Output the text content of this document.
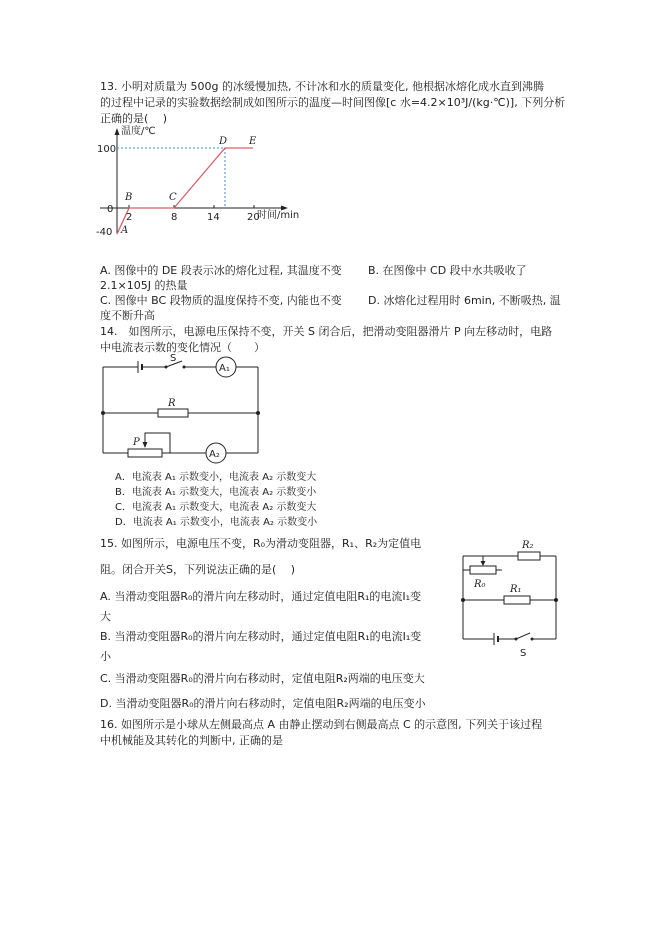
13. 小明对质量为 500g 的冰缓慢加热, 不计冰和水的质量变化, 他根据冰熔化成水直到沸腾
的过程中记录的实验数据绘制成如图所示的温度—时间图像[c 水=4.2×10³J/(kg·℃)], 下列分析
正确的是(　 )
温度/℃
时间/min
100
0
-40
2	8	14	20
A
B	C
D E
A. 图像中的 DE 段表示冰的熔化过程, 其温度不变 B. 在图像中 CD 段中水共吸收了
2.1×105J 的热量
C. 图像中 BC 段物质的温度保持不变, 内能也不变 D. 冰熔化过程用时 6min, 不断吸热, 温
度不断升高
14.　如图所示，电源电压保持不变，开关 S 闭合后，把滑动变阻器滑片 P 向左移动时，电路
中电流表示数的变化情况（　　）
S
A₁
R
P
A₂
A．电流表 A₁ 示数变小，电流表 A₂ 示数变大
B．电流表 A₁ 示数变大，电流表 A₂ 示数变小
C．电流表 A₁ 示数变大，电流表 A₂ 示数变大
D．电流表 A₁ 示数变小，电流表 A₂ 示数变小
15. 如图所示，电源电压不变，R₀为滑动变阻器，R₁、R₂为定值电
阻。闭合开关S，下列说法正确的是(　 )
R₂
R₀ R₁
S
A. 当滑动变阻器R₀的滑片向左移动时，通过定值电阻R₁的电流I₁变
大
B. 当滑动变阻器R₀的滑片向左移动时，通过定值电阻R₁的电流I₁变
小
C. 当滑动变阻器R₀的滑片向右移动时，定值电阻R₂两端的电压变大
D. 当滑动变阻器R₀的滑片向右移动时，定值电阻R₂两端的电压变小
16. 如图所示是小球从左侧最高点 A 由静止摆动到右侧最高点 C 的示意图, 下列关于该过程
中机械能及其转化的判断中, 正确的是
